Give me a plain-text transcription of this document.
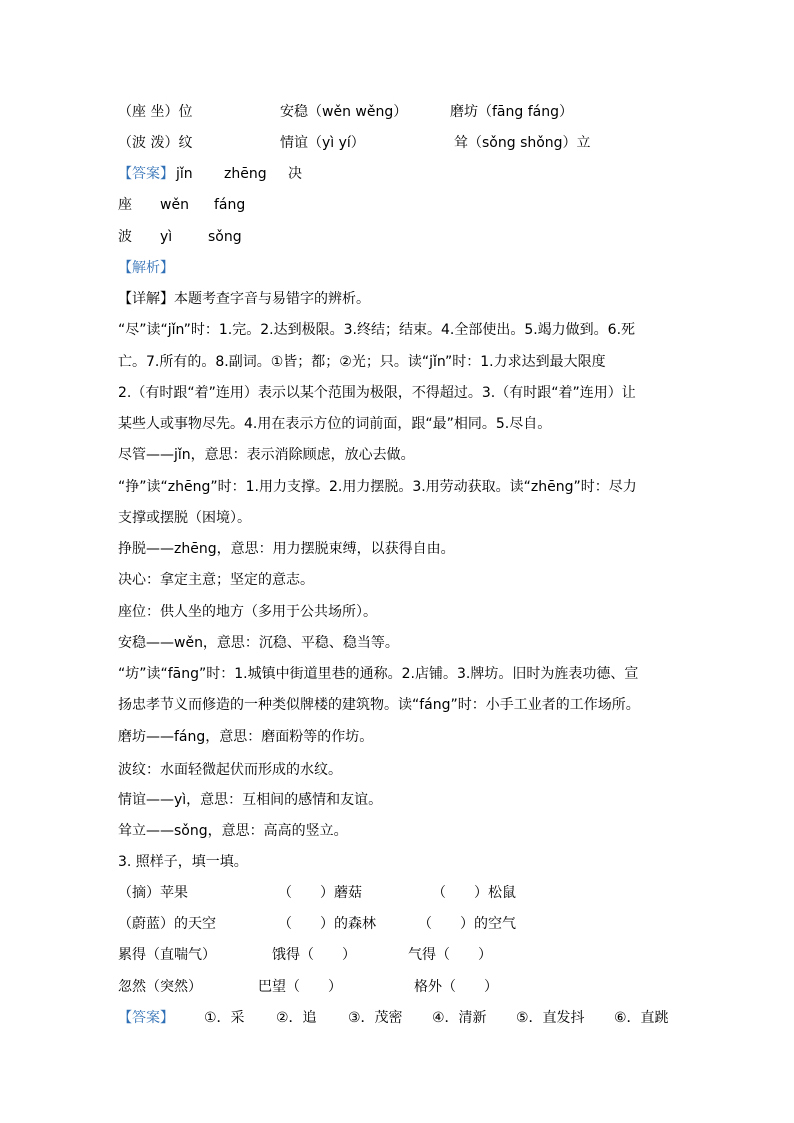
（座 坐）位	安稳（wěn wěng）	磨坊（fāng fáng）
（波 泼）纹	情谊（yì yí）	耸（sǒng shǒng）立
【答案】 jǐn zhēng 决
座 wěn fáng
波 yì	sǒng
【解析】
【详解】本题考查字音与易错字的辨析。
“尽”读“jǐn”时：1.完。2.达到极限。3.终结；结束。4.全部使出。5.竭力做到。6.死
亡。7.所有的。8.副词。①皆；都；②光；只。读“jǐn”时：1.力求达到最大限度
2.（有时跟“着”连用）表示以某个范围为极限，不得超过。3.（有时跟“着”连用）让
某些人或事物尽先。4.用在表示方位的词前面，跟“最”相同。5.尽自。
尽管——jǐn，意思：表示消除顾虑，放心去做。
“挣”读“zhēng”时：1.用力支撑。2.用力摆脱。3.用劳动获取。读“zhēng”时：尽力
支撑或摆脱（困境）。
挣脱——zhēng，意思：用力摆脱束缚，以获得自由。
决心：拿定主意；坚定的意志。
座位：供人坐的地方（多用于公共场所）。
安稳——wěn，意思：沉稳、平稳、稳当等。
“坊”读“fāng”时：1.城镇中街道里巷的通称。2.店铺。3.牌坊。旧时为旌表功德、宣
扬忠孝节义而修造的一种类似牌楼的建筑物。读“fáng”时：小手工业者的工作场所。
磨坊——fáng，意思：磨面粉等的作坊。
波纹：水面轻微起伏而形成的水纹。
情谊——yì，意思：互相间的感情和友谊。
耸立——sǒng，意思：高高的竖立。
3. 照样子，填一填。
（摘）苹果	（　　）蘑菇	（　　）松鼠
（蔚蓝）的天空	（　　）的森林	（　　）的空气
累得（直喘气）	饿得（　　）	气得（　　）
忽然（突然）	巴望（　　）	格外（　　）
【答案】 ①．采 ②．追 ③．茂密 ④．清新 ⑤．直发抖 ⑥．直跳
